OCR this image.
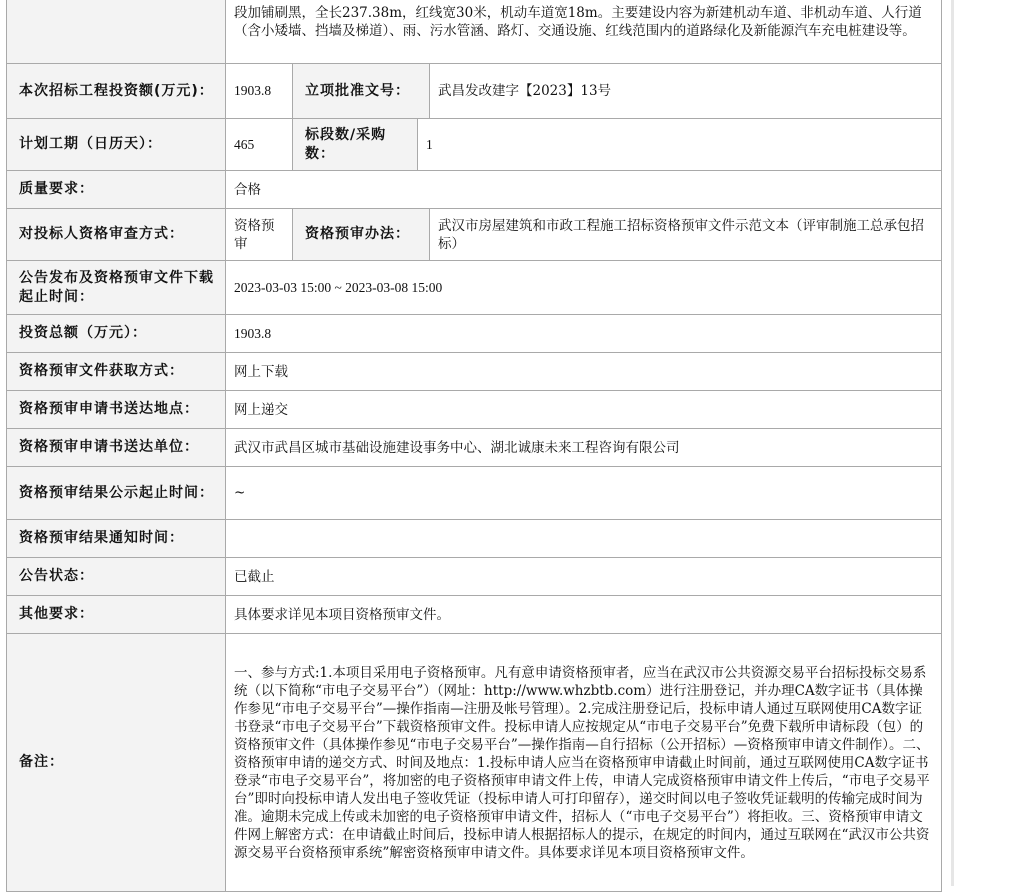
	段加铺刷黑，全长237.38m，红线宽30米，机动车道宽18m。主要建设内容为新建机动车道、非机动车道、人行道（含小矮墙、挡墙及梯道）、雨、污水管涵、路灯、交通设施、红线范围内的道路绿化及新能源汽车充电桩建设等。			
本次招标工程投资额(万元)：	1903.8	立项批准文号：		武昌发改建字【2023】13号
计划工期（日历天）：	465	标段数/采购数：	1	
质量要求：	合格			
对投标人资格审查方式：	资格预审	资格预审办法：		武汉市房屋建筑和市政工程施工招标资格预审文件示范文本（评审制施工总承包招标）
公告发布及资格预审文件下载 起止时间：	2023-03-03 15:00 ~ 2023-03-08 15:00			
投资总额（万元）：	1903.8			
资格预审文件获取方式：	网上下载			
资格预审申请书送达地点：	网上递交			
资格预审申请书送达单位：	武汉市武昌区城市基础设施建设事务中心、湖北诚康未来工程咨询有限公司			
资格预审结果公示起止时间：	~			
资格预审结果通知时间：				
公告状态：	已截止			
其他要求：	具体要求详见本项目资格预审文件。			
备注：	一、参与方式:1.本项目采用电子资格预审。凡有意申请资格预审者，应当在武汉市公共资源交易平台招标投标交易系统（以下简称“市电子交易平台”）（网址：http://www.whzbtb.com）进行注册登记，并办理CA数字证书（具体操作参见“市电子交易平台”—操作指南—注册及帐号管理）。2.完成注册登记后，投标申请人通过互联网使用CA数字证书登录“市电子交易平台”下载资格预审文件。投标申请人应按规定从“市电子交易平台”免费下载所申请标段（包）的资格预审文件（具体操作参见“市电子交易平台”—操作指南—自行招标（公开招标）—资格预审申请文件制作）。二、资格预审申请的递交方式、时间及地点：1.投标申请人应当在资格预审申请截止时间前，通过互联网使用CA数字证书登录“市电子交易平台”，将加密的电子资格预审申请文件上传，申请人完成资格预审申请文件上传后，“市电子交易平台”即时向投标申请人发出电子签收凭证（投标申请人可打印留存），递交时间以电子签收凭证载明的传输完成时间为准。逾期未完成上传或未加密的电子资格预审申请文件，招标人（“市电子交易平台”）将拒收。三、资格预审申请文件网上解密方式：在申请截止时间后，投标申请人根据招标人的提示，在规定的时间内，通过互联网在“武汉市公共资源交易平台资格预审系统”解密资格预审申请文件。具体要求详见本项目资格预审文件。			
